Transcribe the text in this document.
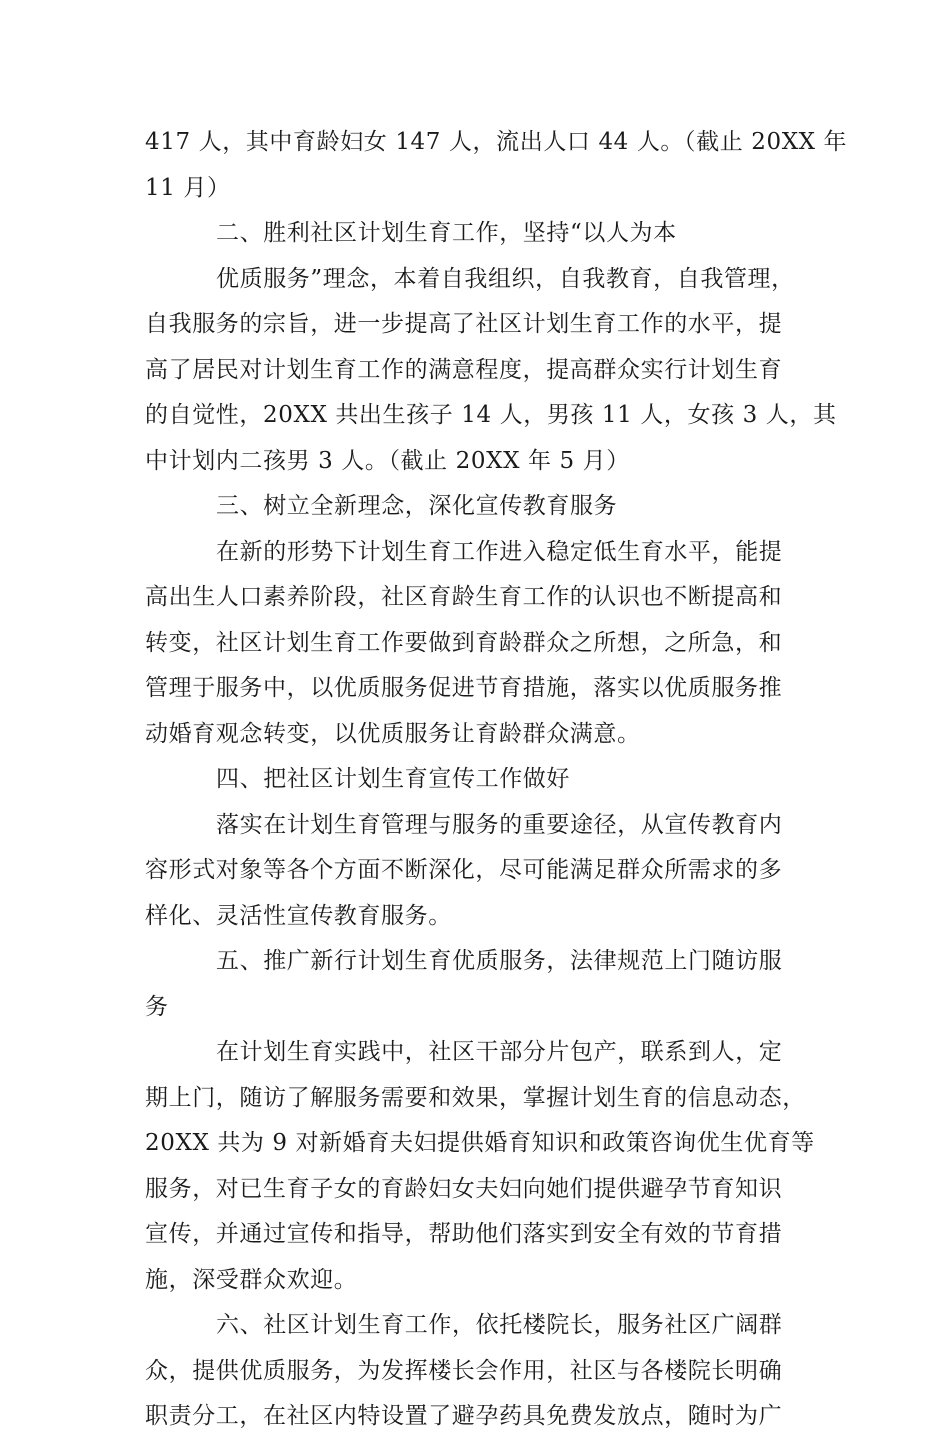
417 人，其中育龄妇女 147 人，流出人口 44 人。（截止 20XX 年
11 月）
二、胜利社区计划生育工作，坚持“以人为本
优质服务”理念，本着自我组织，自我教育，自我管理，
自我服务的宗旨，进一步提高了社区计划生育工作的水平，提
高了居民对计划生育工作的满意程度，提高群众实行计划生育
的自觉性，20XX 共出生孩子 14 人，男孩 11 人，女孩 3 人，其
中计划内二孩男 3 人。（截止 20XX 年 5 月）
三、树立全新理念，深化宣传教育服务
在新的形势下计划生育工作进入稳定低生育水平，能提
高出生人口素养阶段，社区育龄生育工作的认识也不断提高和
转变，社区计划生育工作要做到育龄群众之所想，之所急，和
管理于服务中，以优质服务促进节育措施，落实以优质服务推
动婚育观念转变，以优质服务让育龄群众满意。
四、把社区计划生育宣传工作做好
落实在计划生育管理与服务的重要途径，从宣传教育内
容形式对象等各个方面不断深化，尽可能满足群众所需求的多
样化、灵活性宣传教育服务。
五、推广新行计划生育优质服务，法律规范上门随访服
务
在计划生育实践中，社区干部分片包产，联系到人，定
期上门，随访了解服务需要和效果，掌握计划生育的信息动态，
20XX 共为 9 对新婚育夫妇提供婚育知识和政策咨询优生优育等
服务，对已生育子女的育龄妇女夫妇向她们提供避孕节育知识
宣传，并通过宣传和指导，帮助他们落实到安全有效的节育措
施，深受群众欢迎。
六、社区计划生育工作，依托楼院长，服务社区广阔群
众，提供优质服务，为发挥楼长会作用，社区与各楼院长明确
职责分工，在社区内特设置了避孕药具免费发放点，随时为广
